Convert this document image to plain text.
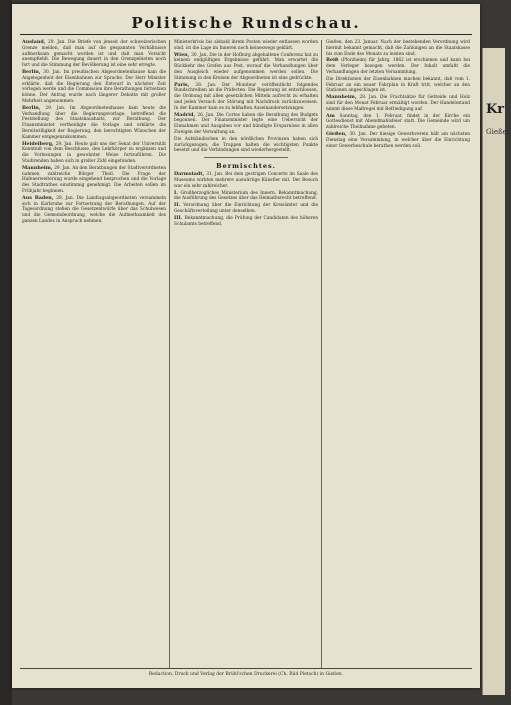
Politische Rundschau.

Ausland, 29. Jan. Die Briefe von jenseit der schweizerischen Grenze melden, daß man auf die gespannten Verhältnisse aufmerksam gemacht worden ist und daß man Vorsicht anempfiehlt. Die Bewegung dauert in den Grenzgebieten noch fort und die Stimmung der Bevölkerung ist eine sehr erregte.

Berlin, 30. Jan. Im preußischen Abgeordnetenhause kam die Angelegenheit der Eisenbahnen zur Sprache. Der Herr Minister erklärte, daß die Regierung den Entwurf in nächster Zeit vorlegen werde und die Commission ihre Berathungen fortsetzen könne. Der Antrag wurde nach längerer Debatte mit großer Mehrheit angenommen.

Berlin, 29. Jan. Im Abgeordnetenhause kam heute die Verhandlung über die Regierungsvorlage, betreffend die Feststellung des Staatshaushalts, zur Berathung. Der Finanzminister vertheidigte die Vorlage und erklärte die Bereitwilligkeit der Regierung, den berechtigten Wünschen der Kammer entgegenzukommen.

Heidelberg, 29. Jan. Heute gab uns der Senat der Universität Kenntniß von dem Beschlusse, den Lehrkörper zu ergänzen und die Vorlesungen in gewohnter Weise fortzuführen. Die Studirenden haben sich in großer Zahl eingefunden.

Mannheim, 29. Jan. An den Berathungen der Stadtverordneten nahmen zahlreiche Bürger Theil. Die Frage der Hafenerweiterung wurde eingehend besprochen und die Vorlage des Stadtrathes einstimmig genehmigt. Die Arbeiten sollen im Frühjahr beginnen.

Aus Baden, 28. Jan. Die Landtagsabgeordneten versammeln sich in Karlsruhe zur Fortsetzung der Berathungen. Auf der Tagesordnung stehen die Gesetzentwürfe über das Schulwesen und die Gemeindeordnung, welche die Aufmerksamkeit des ganzen Landes in Anspruch nehmen.

Ministerkrisis bis alsbald ihrem Posten wieder entlassen worden sind, ist die Lage im Inneren noch keineswegs geklärt.

Wien, 30. Jan. Die in der Hofburg abgehaltene Conferenz hat zu keinem endgültigen Ergebnisse geführt. Man erwartet die Rückkehr des Grafen aus Pest, worauf die Verhandlungen über den Ausgleich wieder aufgenommen werden sollen. Die Stimmung in den Kreisen der Abgeordneten ist eine gedrückte.

Paris, 28. Jan. Der Moniteur veröffentlicht folgendes Rundschreiben an die Präfecten. Die Regierung ist entschlossen, die Ordnung mit allen gesetzlichen Mitteln aufrecht zu erhalten und jeden Versuch der Störung mit Nachdruck zurückzuweisen. In der Kammer kam es zu lebhaften Auseinandersetzungen.

Madrid, 26. Jan. Die Cortes haben die Berathung des Budgets begonnen. Der Finanzminister legte eine Uebersicht der Einnahmen und Ausgaben vor und kündigte Ersparnisse in allen Zweigen der Verwaltung an.

Die Aufständischen in den nördlichen Provinzen haben sich zurückgezogen; die Truppen halten die wichtigsten Punkte besetzt und die Verbindungen sind wiederhergestellt.

Bermischtes.

Darmstadt, 31. Jan. Bei dem gestrigen Concerte im Saale des Museums wirkten mehrere auswärtige Künstler mit. Der Besuch war ein sehr zahlreicher.

I. Großherzogliches Ministerium des Innern. Bekanntmachung, die Ausführung des Gesetzes über das Heimathsrecht betreffend.

II. Verordnung über die Einrichtung der Kreisämter und die Geschäftsverteilung unter denselben.

III. Bekanntmachung, die Prüfung der Candidaten des höheren Schulamts betreffend.

Gießen, den 23. Januar. Nach der bestehenden Verordnung wird hiermit bekannt gemacht, daß die Zahlungen an die Staatskasse bis zum Ende des Monats zu leisten sind.

Reiß (Pforzheim) für Jahrg. 1862 ist erschienen und kann bei dem Verleger bezogen werden. Der Inhalt umfaßt die Verhandlungen der letzten Versammlung.

Die Direktionen der Eisenbahnen machen bekannt, daß vom 1. Februar an ein neuer Fahrplan in Kraft tritt, welcher an den Stationen angeschlagen ist.

Mannheim, 28. Jan. Die Frachtsätze für Getreide und Holz sind für den Monat Februar ermäßigt worden. Der Handelsstand nimmt diese Maßregel mit Befriedigung auf.

Am Sonntag, den 1. Februar, findet in der Kirche ein Gottesdienst mit Abendmahlsfeier statt. Die Gemeinde wird um zahlreiche Theilnahme gebeten.

Gießen, 30. Jan. Der hiesige Gewerbverein hält am nächsten Dienstag eine Versammlung, in welcher über die Einrichtung einer Gewerbeschule berathen werden soll.

Redaction, Druck und Verlag der Brühl'schen Druckerei (Ch. Rüd Pietsch) in Gießen.
Kr
Gießen
